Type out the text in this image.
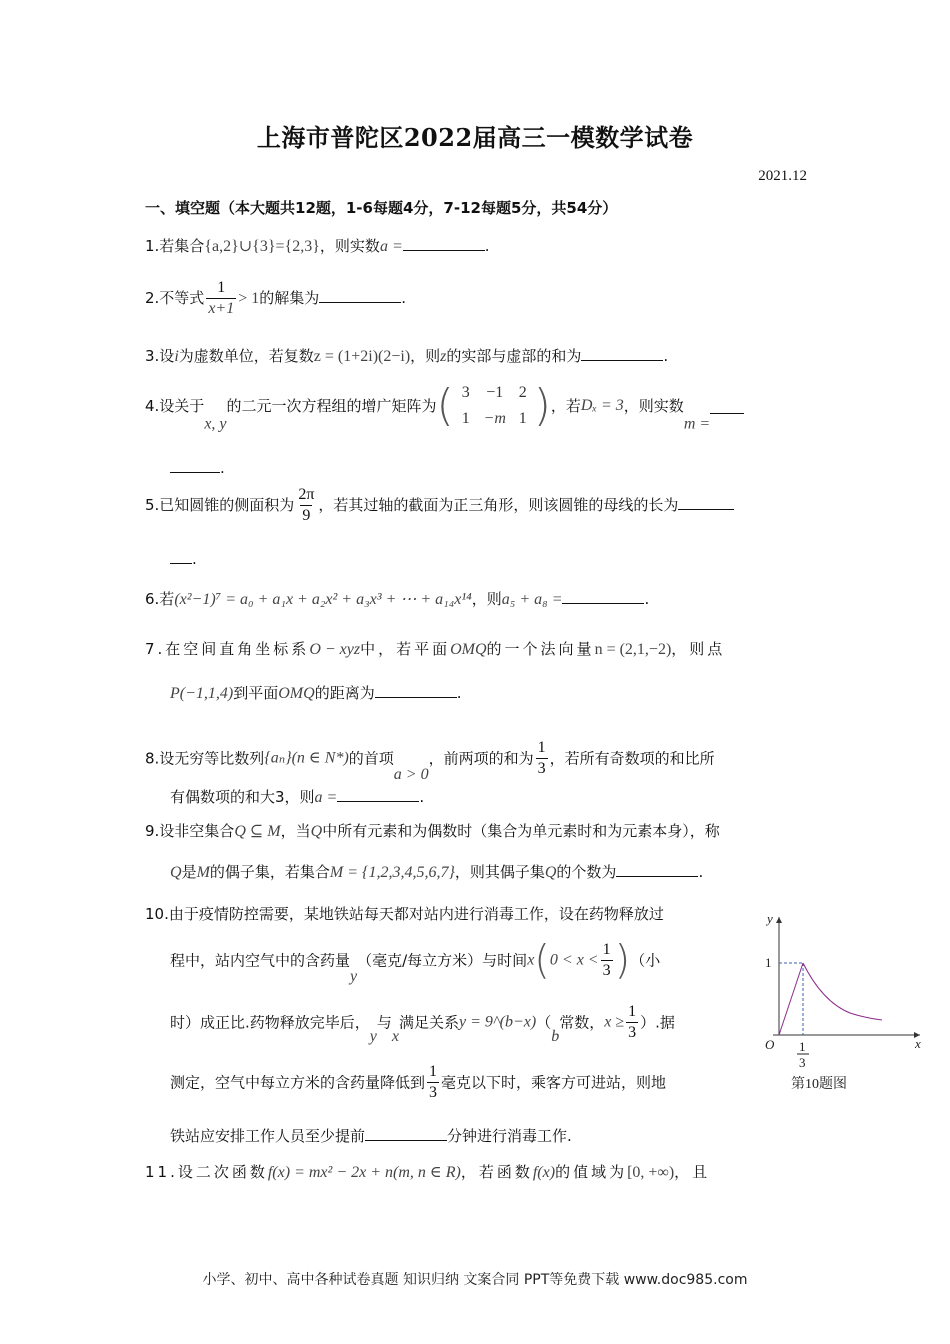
上海市普陀区2022届高三一模数学试卷
2021.12
一、填空题（本大题共12题，1-6每题4分，7-12每题5分，共54分）
1.若集合{a,2}∪{3}={2,3}，则实数a =	.
2.不等式 $\frac{1}{x+1} > 1$的解集为	.
3.设i为虚数单位，若复数z = (1+2i)(2−i)，则z的实部与虚部的和为	.
4.设关于x, y的二元一次方程组的增广矩阵为 ( 3	−1 2
1 −m 1 ) ，若Dₓ = 3，则实数m =
.
5.已知圆锥的侧面积为 $\frac{2\pi}{9}$ ，若其过轴的截面为正三角形，则该圆锥的母线的长为
.
6.若(x²−1)⁷ = a₀ + a₁x + a₂x² + a₃x³ + ⋯ + a₁₄x¹⁴，则a₅ + a₈ =	.
7.在空间直角坐标系O − xyz中，若平面OMQ的一个法向量n = (2,1,−2)，则点
P(−1,1,4)到平面OMQ的距离为	.
8.设无穷等比数列{aₙ}(n ∈ N*)的首项a > 0，前两项的和为 $\frac{1}{3}$ ，若所有奇数项的和比所
有偶数项的和大3，则a =	.
9.设非空集合Q ⊆ M，当Q中所有元素和为偶数时（集合为单元素时和为元素本身），称
Q是M的偶子集，若集合M = {1,2,3,4,5,6,7}，则其偶子集Q的个数为	.
10.由于疫情防控需要，某地铁站每天都对站内进行消毒工作，设在药物释放过
程中，站内空气中的含药量y（毫克/每立方米）与时间$x(0 < x < \frac{1}{3}$ )（小
时）成正比.药物释放完毕后，y与x满足关系y = 9^(b−x)（b常数，$x \ge \frac{1}{3}$ ）.据
测定，空气中每立方米的含药量降低到 $\frac{1}{3}$ 毫克以下时，乘客方可进站，则地
铁站应安排工作人员至少提前	分钟进行消毒工作.
y
x
O
1
1
3
第10题图
11.设二次函数f(x) = mx² − 2x + n(m, n ∈ R)，若函数f(x)的值域为[0, +∞)，且
小学、初中、高中各种试卷真题 知识归纳 文案合同 PPT等免费下载 www.doc985.com
